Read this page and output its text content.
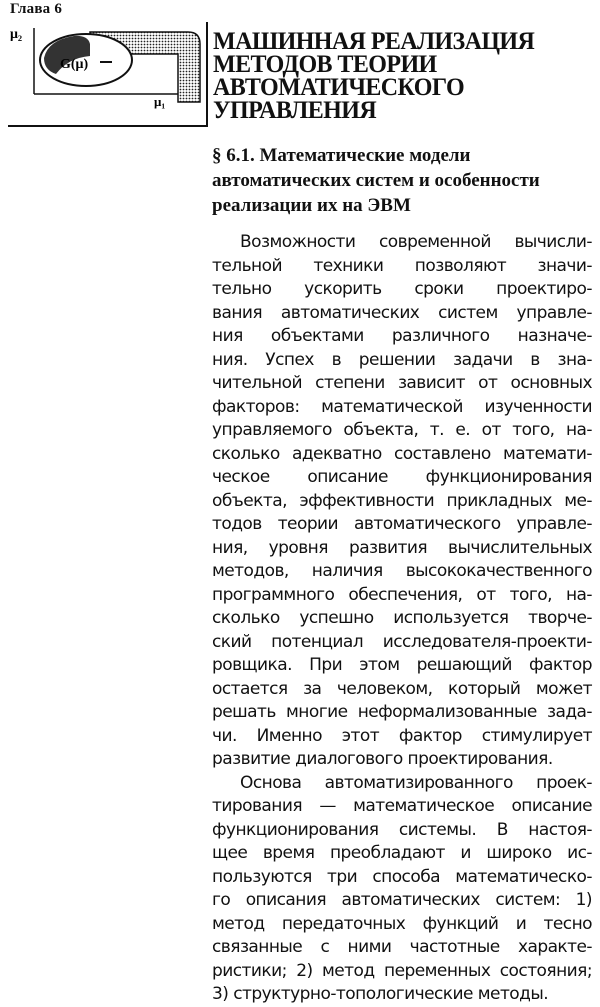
Глава 6
μ₂
μ₁
G(μ)
МАШИННАЯ РЕАЛИЗАЦИЯ
МЕТОДОВ ТЕОРИИ
АВТОМАТИЧЕСКОГО
УПРАВЛЕНИЯ
§ 6.1. Математические модели
автоматических систем и особенности
реализации их на ЭВМ
Возможности современной вычисли-
тельной техники позволяют значи-
тельно ускорить сроки проектиро-
вания автоматических систем управле-
ния объектами различного назначе-
ния. Успех в решении задачи в зна-
чительной степени зависит от основных
факторов: математической изученности
управляемого объекта, т. е. от того, на-
сколько адекватно составлено математи-
ческое описание функционирования
объекта, эффективности прикладных ме-
тодов теории автоматического управле-
ния, уровня развития вычислительных
методов, наличия высококачественного
программного обеспечения, от того, на-
сколько успешно используется творче-
ский потенциал исследователя-проекти-
ровщика. При этом решающий фактор
остается за человеком, который может
решать многие неформализованные зада-
чи. Именно этот фактор стимулирует
развитие диалогового проектирования.
Основа автоматизированного проек-
тирования — математическое описание
функционирования системы. В настоя-
щее время преобладают и широко ис-
пользуются три способа математическо-
го описания автоматических систем: 1)
метод передаточных функций и тесно
связанные с ними частотные характе-
ристики; 2) метод переменных состояния;
3) структурно-топологические методы.
